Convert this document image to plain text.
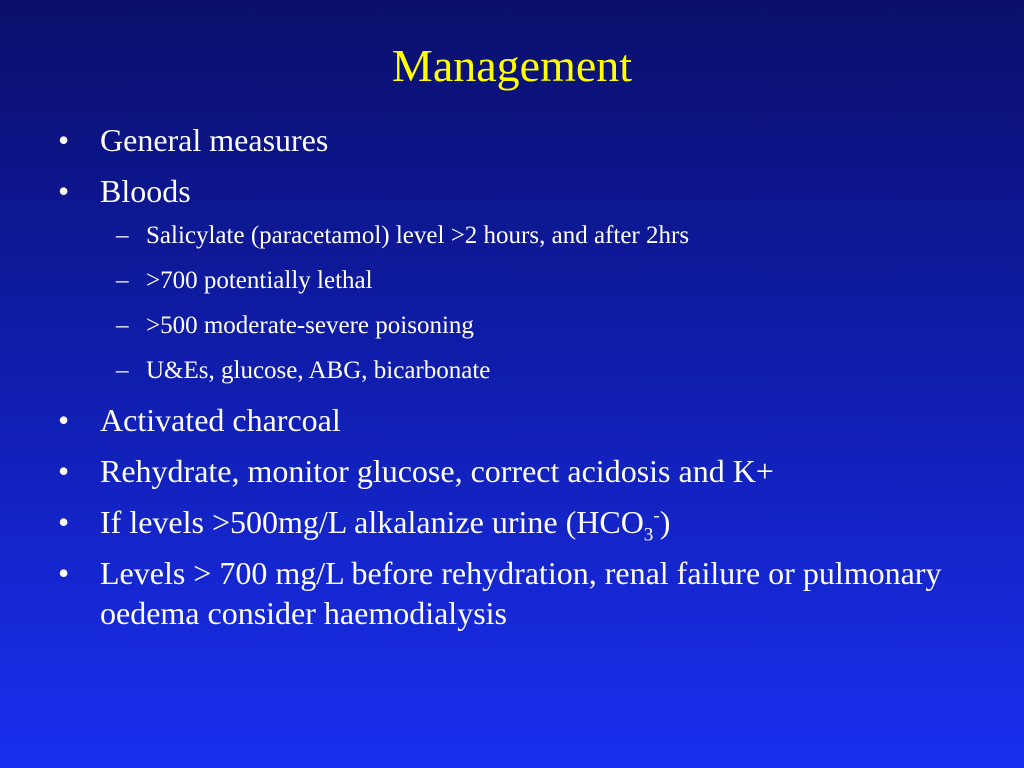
Management
• General measures
• Bloods
– Salicylate (paracetamol) level >2 hours, and after 2hrs
– >700 potentially lethal
– >500 moderate-severe poisoning
– U&Es, glucose, ABG, bicarbonate
• Activated charcoal
• Rehydrate, monitor glucose, correct acidosis and K+
• If levels >500mg/L alkalanize urine $(HCO_3^-)$
• Levels > 700 mg/L before rehydration, renal failure or pulmonary oedema consider haemodialysis
